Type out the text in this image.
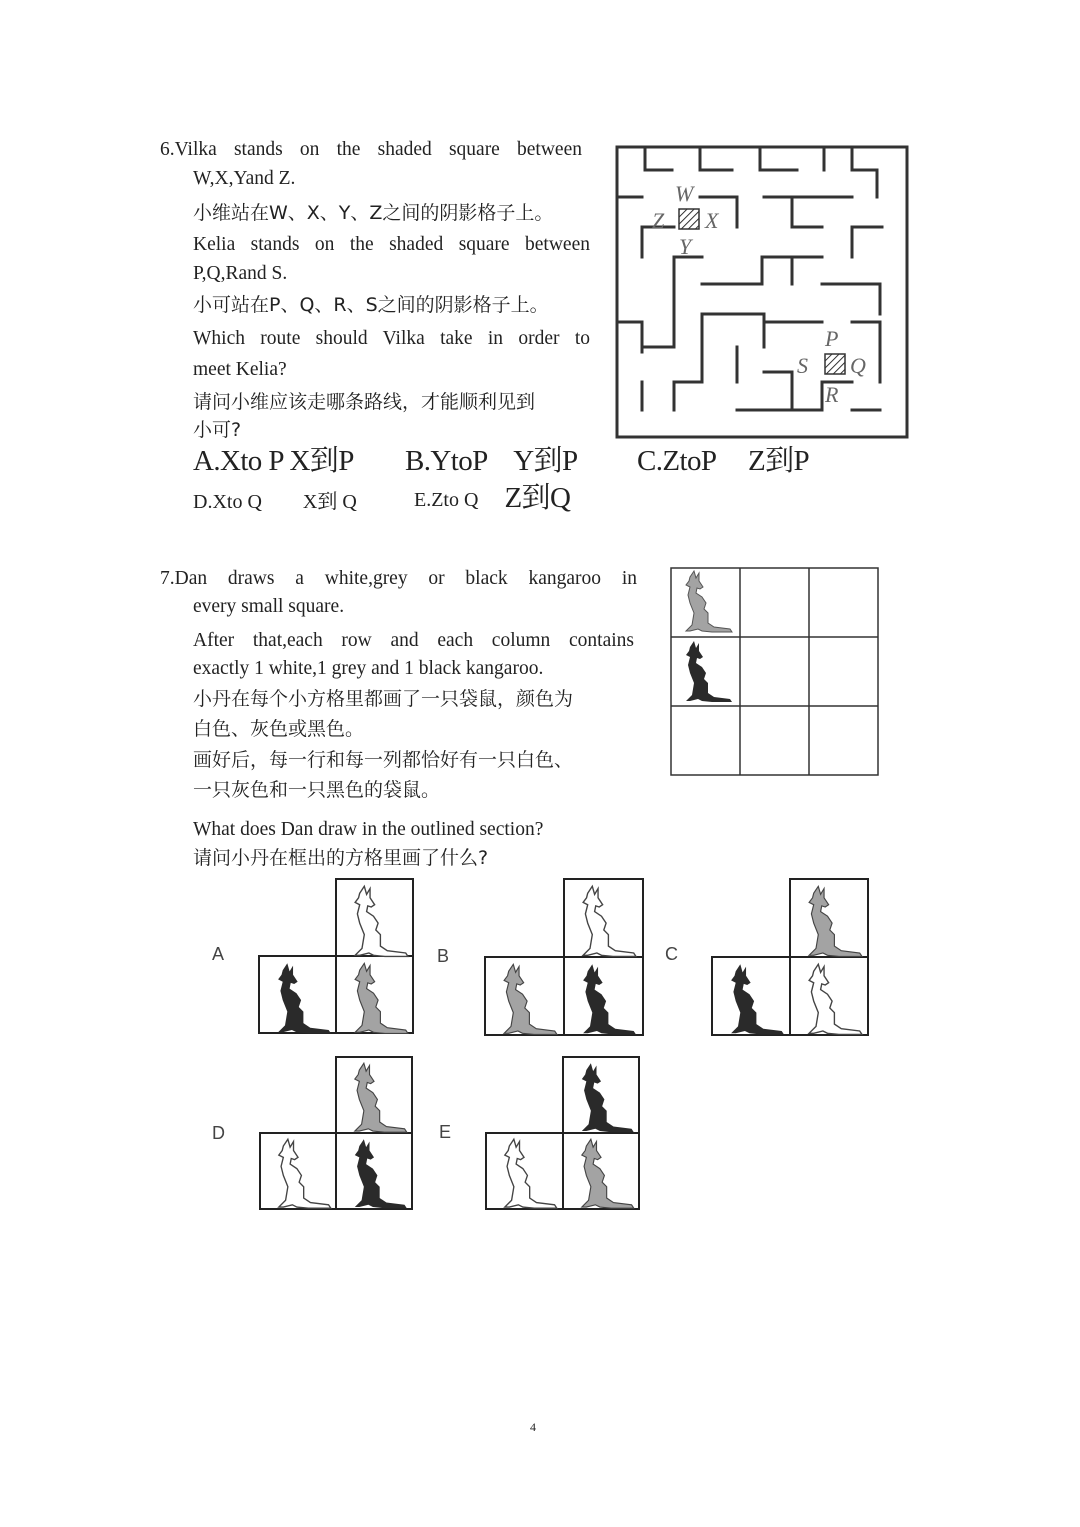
6.Vilka stands on the shaded square between
W,X,Yand Z.
小维站在W、X、Y、Z之间的阴影格子上。
Kelia stands on the shaded square between
P,Q,Rand S.
小可站在P、Q、R、S之间的阴影格子上。
Which route should Vilka take in order to
meet Kelia?
请问小维应该走哪条路线，才能顺利见到
小可?
A.Xto P X到P B.YtoP Y到P C.ZtoP Z到P
D.Xto Q X到 Q	E.Zto Q Z到Q
W
Z X
Y
P
S Q
R
7.Dan draws a white,grey or black kangaroo in
every small square.
After that,each row and each column contains
exactly 1 white,1 grey and 1 black kangaroo.
小丹在每个小方格里都画了一只袋鼠，颜色为
白色、灰色或黑色。
画好后，每一行和每一列都恰好有一只白色、
一只灰色和一只黑色的袋鼠。
What does Dan draw in the outlined section?
请问小丹在框出的方格里画了什么?
A	B	C
D	E
4
